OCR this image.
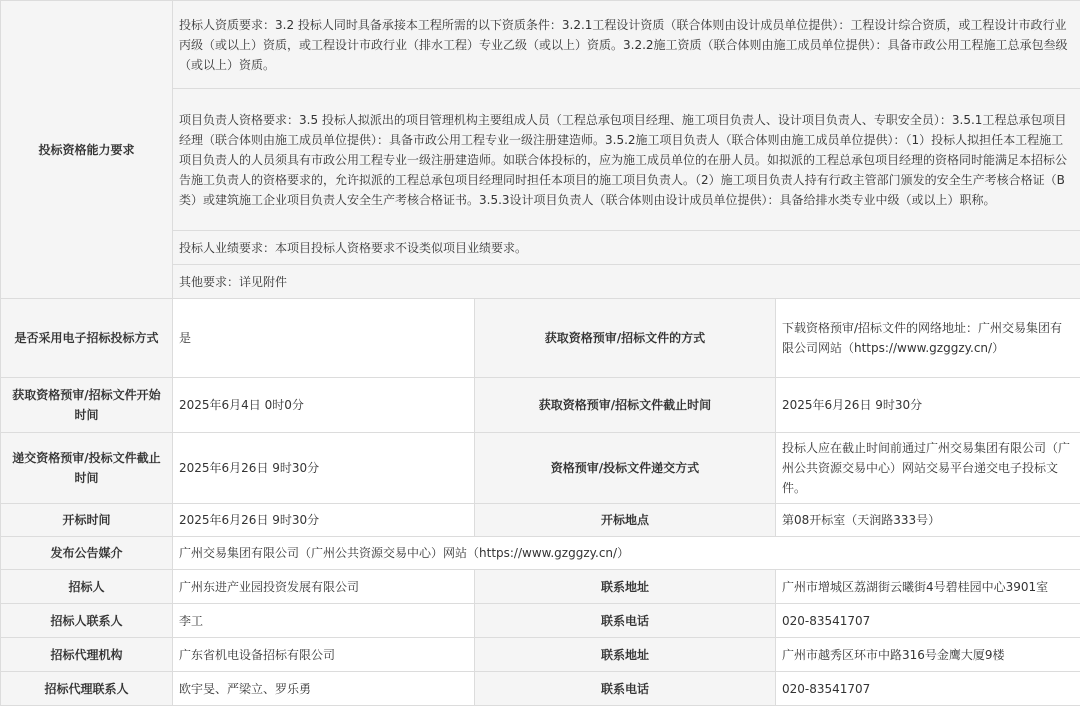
投标资格能力要求	投标人资质要求：3.2 投标人同时具备承接本工程所需的以下资质条件：3.2.1工程设计资质（联合体则由设计成员单位提供）：工程设计综合资质，或工程设计市政行业丙级（或以上）资质，或工程设计市政行业（排水工程）专业乙级（或以上）资质。3.2.2施工资质（联合体则由施工成员单位提供）：具备市政公用工程施工总承包叁级（或以上）资质。		
	项目负责人资格要求：3.5 投标人拟派出的项目管理机构主要组成人员（工程总承包项目经理、施工项目负责人、设计项目负责人、专职安全员）：3.5.1工程总承包项目经理（联合体则由施工成员单位提供）：具备市政公用工程专业一级注册建造师。3.5.2施工项目负责人（联合体则由施工成员单位提供）：（1）投标人拟担任本工程施工项目负责人的人员须具有市政公用工程专业一级注册建造师。如联合体投标的，应为施工成员单位的在册人员。如拟派的工程总承包项目经理的资格同时能满足本招标公告施工负责人的资格要求的，允许拟派的工程总承包项目经理同时担任本项目的施工项目负责人。（2）施工项目负责人持有行政主管部门颁发的安全生产考核合格证（B类）或建筑施工企业项目负责人安全生产考核合格证书。3.5.3设计项目负责人（联合体则由设计成员单位提供）：具备给排水类专业中级（或以上）职称。		
	投标人业绩要求：本项目投标人资格要求不设类似项目业绩要求。		
	其他要求：详见附件		
是否采用电子招标投标方式	是	获取资格预审/招标文件的方式	下载资格预审/招标文件的网络地址：广州交易集团有限公司网站（https://www.gzggzy.cn/）
获取资格预审/招标文件开始时间	2025年6月4日 0时0分	获取资格预审/招标文件截止时间	2025年6月26日 9时30分
递交资格预审/投标文件截止时间	2025年6月26日 9时30分	资格预审/投标文件递交方式	投标人应在截止时间前通过广州交易集团有限公司（广州公共资源交易中心）网站交易平台递交电子投标文件。
开标时间	2025年6月26日 9时30分	开标地点	第08开标室（天润路333号）
发布公告媒介	广州交易集团有限公司（广州公共资源交易中心）网站（https://www.gzggzy.cn/）		
招标人	广州东进产业园投资发展有限公司	联系地址	广州市增城区荔湖街云曦街4号碧桂园中心3901室
招标人联系人	李工	联系电话	020-83541707
招标代理机构	广东省机电设备招标有限公司	联系地址	广州市越秀区环市中路316号金鹰大厦9楼
招标代理联系人	欧宇旻、严梁立、罗乐勇	联系电话	020-83541707
